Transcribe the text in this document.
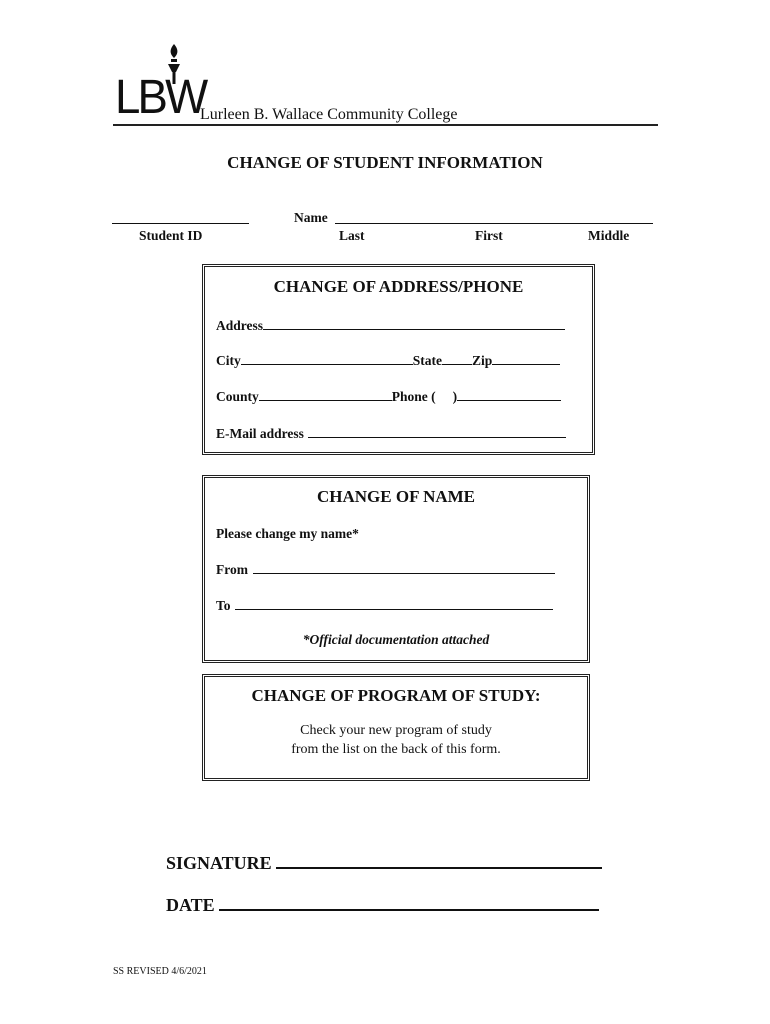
LBW
Lurleen B. Wallace Community College
CHANGE OF STUDENT INFORMATION
Student ID
Name
Last	First	Middle
CHANGE OF ADDRESS/PHONE
Address
City	State Zip
County	Phone ( )
E-Mail address
CHANGE OF NAME
Please change my name*
From
To
*Official documentation attached
CHANGE OF PROGRAM OF STUDY:
Check your new program of study
from the list on the back of this form.
SIGNATURE
DATE
SS REVISED 4/6/2021
